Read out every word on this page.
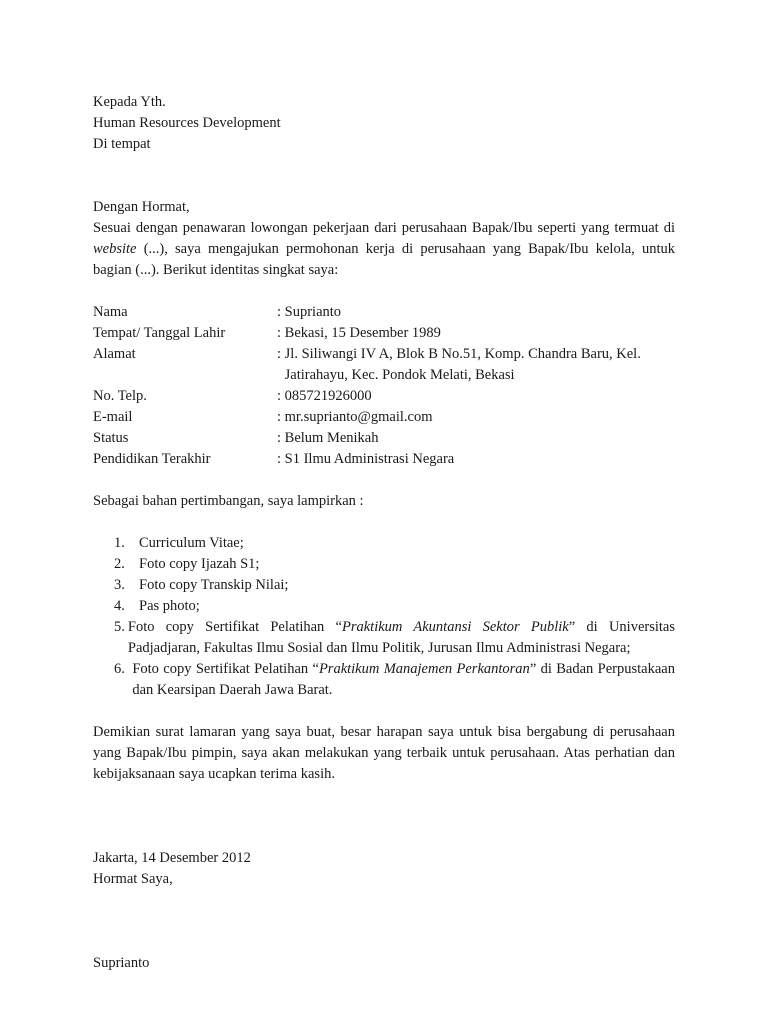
Kepada Yth.
Human Resources Development
Di tempat
Dengan Hormat,
Sesuai dengan penawaran lowongan pekerjaan dari perusahaan Bapak/Ibu seperti yang termuat di website (...), saya mengajukan permohonan kerja di perusahaan yang Bapak/Ibu kelola, untuk bagian (...). Berikut identitas singkat saya:
Nama	: Suprianto

Tempat/ Tanggal Lahir	: Bekasi, 15 Desember 1989

Alamat	: Jl. Siliwangi IV A, Blok B No.51, Komp. Chandra Baru, Kel. Jatirahayu, Kec. Pondok Melati, Bekasi

No. Telp.	: 085721926000

E-mail	: mr.suprianto@gmail.com

Status	: Belum Menikah

Pendidikan Terakhir	: S1 Ilmu Administrasi Negara
Sebagai bahan pertimbangan, saya lampirkan :
1. Curriculum Vitae;
2. Foto copy Ijazah S1;
3. Foto copy Transkip Nilai;
4. Pas photo;
5. Foto copy Sertifikat Pelatihan “Praktikum Akuntansi Sektor Publik” di Universitas Padjadjaran, Fakultas Ilmu Sosial dan Ilmu Politik, Jurusan Ilmu Administrasi Negara;
6. Foto copy Sertifikat Pelatihan “Praktikum Manajemen Perkantoran” di Badan Perpustakaan dan Kearsipan Daerah Jawa Barat.
Demikian surat lamaran yang saya buat, besar harapan saya untuk bisa bergabung di perusahaan yang Bapak/Ibu pimpin, saya akan melakukan yang terbaik untuk perusahaan. Atas perhatian dan kebijaksanaan saya ucapkan terima kasih.
Jakarta, 14 Desember 2012
Hormat Saya,
Suprianto
